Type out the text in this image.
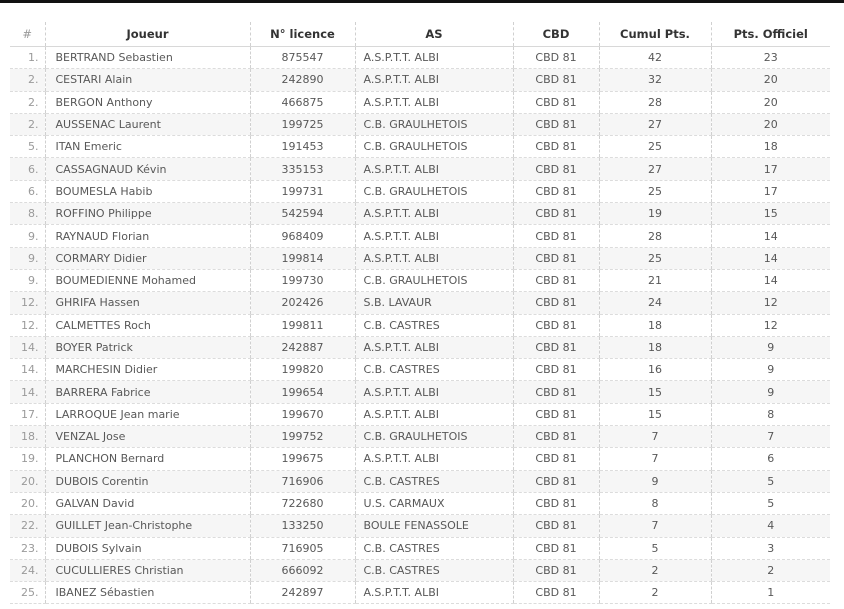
#	Joueur	N° licence	AS	CBD	Cumul Pts.	Pts. Officiel
1.	BERTRAND Sebastien	875547	A.S.P.T.T. ALBI	CBD 81	42	23
2.	CESTARI Alain	242890	A.S.P.T.T. ALBI	CBD 81	32	20
2.	BERGON Anthony	466875	A.S.P.T.T. ALBI	CBD 81	28	20
2.	AUSSENAC Laurent	199725	C.B. GRAULHETOIS	CBD 81	27	20
5.	ITAN Emeric	191453	C.B. GRAULHETOIS	CBD 81	25	18
6.	CASSAGNAUD Kévin	335153	A.S.P.T.T. ALBI	CBD 81	27	17
6.	BOUMESLA Habib	199731	C.B. GRAULHETOIS	CBD 81	25	17
8.	ROFFINO Philippe	542594	A.S.P.T.T. ALBI	CBD 81	19	15
9.	RAYNAUD Florian	968409	A.S.P.T.T. ALBI	CBD 81	28	14
9.	CORMARY Didier	199814	A.S.P.T.T. ALBI	CBD 81	25	14
9.	BOUMEDIENNE Mohamed	199730	C.B. GRAULHETOIS	CBD 81	21	14
12.	GHRIFA Hassen	202426	S.B. LAVAUR	CBD 81	24	12
12.	CALMETTES Roch	199811	C.B. CASTRES	CBD 81	18	12
14.	BOYER Patrick	242887	A.S.P.T.T. ALBI	CBD 81	18	9
14.	MARCHESIN Didier	199820	C.B. CASTRES	CBD 81	16	9
14.	BARRERA Fabrice	199654	A.S.P.T.T. ALBI	CBD 81	15	9
17.	LARROQUE Jean marie	199670	A.S.P.T.T. ALBI	CBD 81	15	8
18.	VENZAL Jose	199752	C.B. GRAULHETOIS	CBD 81	7	7
19.	PLANCHON Bernard	199675	A.S.P.T.T. ALBI	CBD 81	7	6
20.	DUBOIS Corentin	716906	C.B. CASTRES	CBD 81	9	5
20.	GALVAN David	722680	U.S. CARMAUX	CBD 81	8	5
22.	GUILLET Jean-Christophe	133250	BOULE FENASSOLE	CBD 81	7	4
23.	DUBOIS Sylvain	716905	C.B. CASTRES	CBD 81	5	3
24.	CUCULLIERES Christian	666092	C.B. CASTRES	CBD 81	2	2
25.	IBANEZ Sébastien	242897	A.S.P.T.T. ALBI	CBD 81	2	1
